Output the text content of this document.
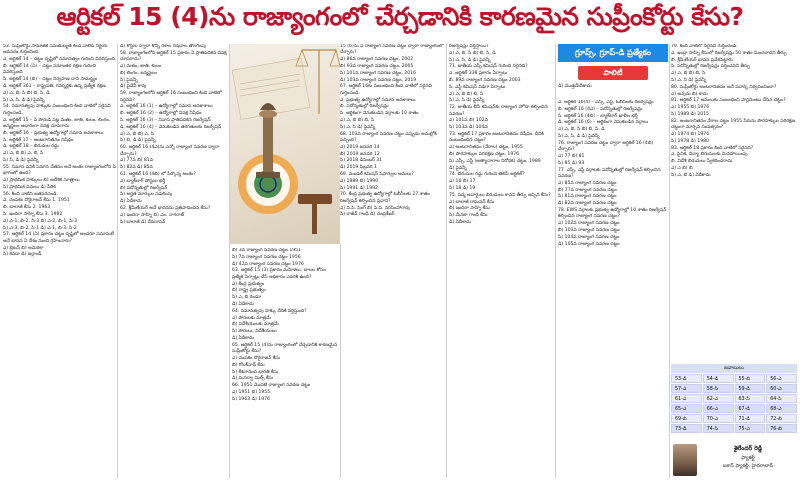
ఆర్టికల్ 15 (4)ను రాజ్యాంగంలో చేర్చడానికి కారణమైన సుప్రీంకోర్టు కేసు?

53. సుప్రీంకోర్టు సామాజిక సమతుల్యత కింద వాలిడ్ నిర్ణయ అవసరం గుర్తించింది.

ఎ. ఆర్టికల్ 14 – చట్టం దృష్టిలో సమానత్వం గురించి వివరిస్తుంది

బి. ఆర్టికల్ 14 (ఏ) – చట్టం సమాంతర రక్షణ గురించి వివరిస్తుంది

సి. ఆర్టికల్ 14 (బి) – చట్టం నిర్వహణ దాని సామర్థ్యం

డి. ఆర్టికల్ 361 – రాష్ట్రపతి, గవర్నర్లకు ఉన్న ప్రత్యేక రక్షణ

ఎ) ఎ, బి, సి బి) బి, సి, డి

సి) ఎ, సి, డి డి) పైవన్నీ

54. సమానత్వపు హక్కుకు సంబంధించి కింది వాటిలో సరైనవి గుర్తించండి.

ఎ. ఆర్టికల్ 15 – ఏ పౌరుడి పట్ల మతం, జాతి, కులం, లింగం, జన్మస్థలం ఆధారంగా వివక్ష చూపరాదు

బి. ఆర్టికల్ 16 – ప్రభుత్వ ఉద్యోగాల్లో సమాన అవకాశాలు

సి. ఆర్టికల్ 17 – అంటరానితనం నిషేధం

డి. ఆర్టికల్ 18 – బిరుదుల రద్దు

ఎ) ఎ, బి బి) ఎ, బి, సి

సి) సి, డి డి) పైవన్నీ

55. సమాన పనికి సమాన వేతనం అనే అంశం రాజ్యాంగంలోని ఏ భాగంలో ఉంది?

ఎ) ప్రాథమిక హక్కులు బి) ఆదేశిక సూత్రాలు

సి) ప్రాథమిక విధులు డి) పీఠిక

56. కింది వాటిని జతపరచండి.

ఎ. చంపకం దొరైరాజన్ కేసు 1. 1951

బి. బాలాజీ కేసు 2. 1963

సి. ఇందిరా సాహ్ని కేసు 3. 1992

ఎ) ఎ-1, బి-2, సి-3 బి) ఎ-2, బి-1, సి-3

సి) ఎ-3, బి-2, సి-1 డి) ఎ-1, బి-3, సి-2

57. ఆర్టికల్ 14 (ఏ) ప్రకారం చట్టం దృష్టిలో అందరూ సమానులే అనే భావన ఏ దేశం నుంచి గ్రహించారు?

ఎ) బ్రిటన్ బి) అమెరికా

సి) కెనడా డి) ఐర్లాండ్

డి) కోర్టుల ద్వారా కొన్ని రకాల నిషేధాల తొలగింపు

58. రాజ్యాంగంలోని ఆర్టికల్ 15 ప్రకారం ఏ ప్రాతిపదికన వివక్ష చూపరాదు?

ఎ) మతం, జాతి, కులం

బి) లింగం, జన్మస్థలం

సి) పైవన్నీ

డి) పైవేవీ కావు

59. రాజ్యాంగంలోని ఆర్టికల్ 16 సంబంధించి కింది వాటిలో సరైనవి?

ఎ. ఆర్టికల్ 16 (1) – ఉద్యోగాల్లో సమాన అవకాశాలు

బి. ఆర్టికల్ 16 (2) – ఉద్యోగాల్లో వివక్ష నిషేధం

సి. ఆర్టికల్ 16 (3) – నివాస ప్రాతిపదికన రిజర్వేషన్

డి. ఆర్టికల్ 16 (4) – వెనుకబడిన తరగతులకు రిజర్వేషన్

ఎ) ఎ, బి బి) ఎ, సి

సి) బి, డి డి) పైవన్నీ

60. ఆర్టికల్ 16 (4ఎ)ను ఎన్నో రాజ్యాంగ సవరణ ద్వారా చేర్చారు?

ఎ) 77వ బి) 81వ

సి) 82వ డి) 85వ

61. ఆర్టికల్ 16 (4బి) లో పేర్కొన్న అంశం?

ఎ) బ్యాక్‌లాగ్ పోస్టుల భర్తీ

బి) పదోన్నతుల్లో రిజర్వేషన్

సి) అర్హత మార్కుల సడలింపు

డి) ఏదీకాదు

62. క్రీమీలేయర్ అనే భావనను ప్రతిపాదించిన కేసు?

ఎ) ఇందిరా సాహ్ని బి) ఎం. నాగరాజ్

సి) బాలాజీ డి) దేవదాసన్

బి) 3వ రాజ్యాంగ సవరణ చట్టం 1951

సి) 7వ రాజ్యాంగ సవరణ చట్టం 1956

డి) 42వ రాజ్యాంగ సవరణ చట్టం 1976

63. ఆర్టికల్ 15 (3) ప్రకారం మహిళలు, బాలల కోసం ప్రత్యేక ఏర్పాట్లు చేసే అధికారం ఎవరికి ఉంది?

ఎ) కేంద్ర ప్రభుత్వం

బి) రాష్ట్ర ప్రభుత్వం

సి) ఎ, బి రెండూ

డి) ఏదీకాదు

64. సమానత్వపు హక్కు దేనికి వర్తిస్తుంది?

ఎ) పౌరులకు మాత్రమే

బి) విదేశీయులకు మాత్రమే

సి) పౌరులు, విదేశీయులు

డి) ఏదీకాదు

65. ఆర్టికల్ 15 (4)ను రాజ్యాంగంలో చేర్చడానికి కారణమైన సుప్రీంకోర్టు కేసు?

ఎ) చంపకం దొరైరాజన్ కేసు

బి) గోలక్‌నాథ్ కేసు

సి) కేశవానంద భారతి కేసు

డి) మినర్వా మిల్స్ కేసు

66. 1951 మొదటి రాజ్యాంగ సవరణ చట్టం

ఎ) 1951 బి) 1955

సి) 1963 డి) 1976

15 (6)ను ఏ రాజ్యాంగ సవరణ చట్టం ద్వారా రాజ్యాంగంలో చేర్చారు?

ఎ) 86వ రాజ్యాంగ సవరణ చట్టం, 2002

బి) 93వ రాజ్యాంగ సవరణ చట్టం, 2005

సి) 101వ రాజ్యాంగ సవరణ చట్టం, 2016

డి) 103వ రాజ్యాంగ సవరణ చట్టం, 2019

67. ఆర్టికల్ 16కు సంబంధించి కింది వాటిలో సరైనవి గుర్తించండి.

ఎ. ప్రభుత్వ ఉద్యోగాల్లో సమాన అవకాశాలు

బి. పదోన్నతుల్లో రిజర్వేషన్లు

సి. ఆర్థికంగా వెనుకబడిన వర్గాలకు 10 శాతం

ఎ) ఎ, బి బి) బి, సి

సి) ఎ, సి డి) పైవన్నీ

68. 103వ రాజ్యాంగ సవరణ చట్టం ఎప్పుడు అమల్లోకి వచ్చింది?

ఎ) 2019 జనవరి 14

బి) 2019 జనవరి 12

సి) 2018 డిసెంబర్ 31

డి) 2019 ఫిబ్రవరి 1

69. మండల్ కమిషన్ సిఫార్సుల అమలు?

ఎ) 1989 బి) 1990

సి) 1991 డి) 1992

70. కేంద్ర ప్రభుత్వ ఉద్యోగాల్లో ఓబీసీలకు 27 శాతం రిజర్వేషన్ కల్పించిన ప్రధాని?

ఎ) వి.పి. సింగ్ బి) పి.వి. నరసింహారావు

సి) రాజీవ్ గాంధీ డి) చంద్రశేఖర్

రిజర్వేషన్లు వర్తిస్తాయి?

ఎ) ఎ, బి, సి బి) బి, సి, డి

సి) ఎ, సి, డి డి) పైవన్నీ

71. జాతీయ ఎస్సీ కమిషన్ గురించి సరైనది?

ఎ. ఆర్టికల్ 338 ప్రకారం ఏర్పాటు

బి. 89వ రాజ్యాంగ సవరణ చట్టం 2003

సి. ఎస్టీ కమిషన్ విడిగా ఏర్పాటు

ఎ) ఎ, బి బి) బి, సి

సి) ఎ, సి డి) పైవన్నీ

72. జాతీయ బీసీ కమిషన్‌కు రాజ్యాంగ హోదా కల్పించిన సవరణ?

ఎ) 101వ బి) 102వ

సి) 103వ డి) 104వ

73. ఆర్టికల్ 17 ప్రకారం అంటరానితనం నిషేధం. దీనికి సంబంధించిన చట్టం?

ఎ) అంటరానితనం (నేరాల) చట్టం, 1955

బి) పౌరహక్కుల పరిరక్షణ చట్టం, 1976

సి) ఎస్సీ, ఎస్టీ (అత్యాచారాల నిరోధక) చట్టం, 1989

డి) పైవన్నీ

74. బిరుదుల రద్దు గురించి తెలిపే ఆర్టికల్?

ఎ) 16 బి) 17

సి) 18 డి) 19

75. పద్మ అవార్డులు బిరుదులు కావని తీర్పు ఇచ్చిన కేసు?

ఎ) బాలాజీ రాఘవన్ కేసు

బి) ఇందిరా సాహ్ని కేసు

సి) మేనకా గాంధీ కేసు

డి) ఏదీకాదు

గ్రూప్స్, గ్రూప్-డి ప్రత్యేకం
పాలిటీ
డి) మొత్తమేదీకాదు

ఎ. ఆర్టికల్ 16(4) – ఎస్సీ, ఎస్టీ, ఓబీసీలకు రిజర్వేషన్లు

బి. ఆర్టికల్ 16 (4ఎ) – పదోన్నతుల్లో రిజర్వేషన్లు

సి. ఆర్టికల్ 16 (4బి) – బ్యాక్‌లాగ్ ఖాళీల భర్తీ

డి. ఆర్టికల్ 16 (6) – ఆర్థికంగా వెనుకబడిన వర్గాలు

ఎ) ఎ, బి, సి బి) బి, సి, డి

సి) ఎ, సి, డి డి) పైవన్నీ

76. రాజ్యాంగ సవరణ చట్టం ద్వారా ఆర్టికల్ 16 (4బి) చేర్చారు?

ఎ) 77 బి) 81

సి) 85 డి) 93

77. ఎస్సీ, ఎస్టీ వర్గాలకు పదోన్నతుల్లో రిజర్వేషన్ కల్పించిన సవరణ?

ఎ) 85వ రాజ్యాంగ సవరణ చట్టం

బి) 77వ రాజ్యాంగ సవరణ చట్టం

సి) 81వ రాజ్యాంగ సవరణ చట్టం

డి) 82వ రాజ్యాంగ సవరణ చట్టం

78. EWS వర్గాలకు ప్రభుత్వ ఉద్యోగాల్లో 10 శాతం రిజర్వేషన్ కల్పించిన రాజ్యాంగ సవరణ చట్టం?

ఎ) 102వ రాజ్యాంగ సవరణ చట్టం

బి) 103వ రాజ్యాంగ సవరణ చట్టం

సి) 104వ రాజ్యాంగ సవరణ చట్టం

డి) 105వ రాజ్యాంగ సవరణ చట్టం

79. కింది వాటిలో సరైనవి గుర్తించండి.

ఎ. ఇంద్రా సాహ్ని కేసులో రిజర్వేషన్లు 50 శాతం మించరాదని తీర్పు

బి. క్రీమీలేయర్ భావన ప్రవేశపెట్టారు

సి. పదోన్నతుల్లో రిజర్వేషన్లు వర్తించవని తీర్పు

ఎ) ఎ, బి బి) బి, సి

సి) ఎ, సి డి) పైవన్నీ

80. సుప్రీంకోర్టు అంటరానితనం అనే పదాన్ని నిర్వచించిందా?

ఎ) అవును బి) కాదు

81. ఆర్టికల్ 17 అమలుకు సంబంధించి పార్లమెంటు చేసిన చట్టం?

ఎ) 1955 బి) 1976

సి) 1989 డి) 2015

82. అంటరానితనం నేరాల చట్టం 1955 పేరును పౌరహక్కుల పరిరక్షణ చట్టంగా మార్చిన సంవత్సరం?

ఎ) 1974 బి) 1976

సి) 1978 డి) 1980

83. ఆర్టికల్ 18 ప్రకారం కింది వాటిలో సరైనది?

ఎ. సైనిక, విద్యా బిరుదులకు మినహాయింపు

బి. విదేశీ బిరుదులు స్వీకరించరాదు

ఎ) ఎ బి) బి

సి) ఎ, బి డి) ఏదీకాదు

జవాబులు
53-డి	54-డి	55-బి	56-ఎ
57-ఎ	58-సి	59-డి	60-ఎ
61-ఎ	62-ఎ	63-సి	64-సి
65-ఎ	66-ఎ	67-డి	68-ఎ
69-బి	70-ఎ	71-డి	72-బి
73-డి	74-సి	75-ఎ	76-బి
శైలేందర్ రెడ్డి
ఫ్యాకల్టీ
ఐకాన్ ఫ్యాకల్టీ, హైదరాబాద్
